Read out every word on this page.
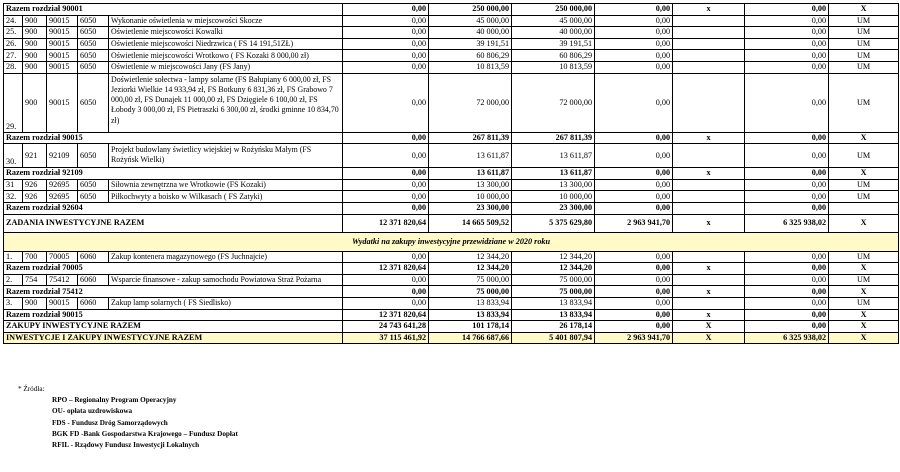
Razem rozdział 90001					0,00	250 000,00	250 000,00	0,00	x	0,00	X
24.	900	90015	6050	Wykonanie oświetlenia w miejscowości Skocze	0,00	45 000,00	45 000,00	0,00		0,00	UM
25.	900	90015	6050	Oświetlenie miejscowości Kowalki	0,00	40 000,00	40 000,00	0,00		0,00	UM
26.	900	90015	6050	Oświetlenie miejscowości Niedrzwica ( FS 14 191,51ZŁ)	0,00	39 191,51	39 191,51	0,00		0,00	UM
27.	900	90015	6050	Oświetlenie miejscowości Wrotkowo ( FS Kozaki 8 000,00 zł)	0,00	60 806,29	60 806,29	0,00		0,00	UM
28.	900	90015	6050	Oświetlenie w miejscowości Jany (FS Jany)	0,00	10 813,59	10 813,59	0,00		0,00	UM
29.	900	90015	6050	Doświetlenie sołectwa - lampy solarne (FS Bałupiany 6 000,00 zł, FS Jeziorki Wielkie 14 933,94 zł, FS Botkuny 6 831,36 zł, FS Grabowo 7 000,00 zł, FS Dunajek 11 000,00 zł, FS Dzięgiele 6 100,00 zł, FS Łobody 3 000,00 zł, FS Pietraszki 6 300,00 zł, środki gminne 10 834,70 zł)	0,00	72 000,00	72 000,00	0,00		0,00	UM
Razem rozdział 90015					0,00	267 811,39	267 811,39	0,00	x	0,00	X
30.	921	92109	6050	Projekt budowlany świetlicy wiejskiej w Rożyńsku Małym (FS Rożyńsk Wielki)	0,00	13 611,87	13 611,87	0,00		0,00	UM
Razem rozdział 92109					0,00	13 611,87	13 611,87	0,00	x	0,00	X
31	926	92695	6050	Siłownia zewnętrzna we Wrotkowie (FS Kozaki)	0,00	13 300,00	13 300,00	0,00		0,00	UM
32.	926	92695	6050	Piłkochwyty a boisko w Wilkasach ( FS Zatyki)	0,00	10 000,00	10 000,00	0,00		0,00	UM
Razem rozdział 92604					0,00	23 300,00	23 300,00	0,00		0,00	
ZADANIA INWESTYCYJNE RAZEM					12 371 820,64	14 665 509,52	5 375 629,80	2 963 941,70	x	6 325 938,02	X
Wydatki na zakupy inwestycyjne przewidziane w 2020 roku											
1.	700	70005	6060	Zakup kontenera magazynowego (FS Juchnajcie)	0,00	12 344,20	12 344,20	0,00		0,00	UM
Razem rozdział 70005					12 371 820,64	12 344,20	12 344,20	0,00	x	0,00	X
2.	754	75412	6060	Wsparcie finansowe - zakup samochodu Powiatowa Straż Pożarna	0,00	75 000,00	75 000,00	0,00		0,00	UM
Razem rozdział 75412					0,00	75 000,00	75 000,00	0,00	x	0,00	X
3.	900	90015	6060	Zakup lamp solarnych ( FS Siedlisko)	0,00	13 833,94	13 833,94	0,00		0,00	UM
Razem rozdział 90015					12 371 820,64	13 833,94	13 833,94	0,00	x	0,00	X
ZAKUPY INWESTYCYJNE RAZEM					24 743 641,28	101 178,14	26 178,14	0,00	X	0,00	X
INWESTYCJE I ZAKUPY INWESTYCYJNE RAZEM					37 115 461,92	14 766 687,66	5 401 807,94	2 963 941,70	X	6 325 938,02	X
* Źródła:
RPO – Regionalny Program Operacyjny
OU- opłata uzdrowiskowa
FDS - Fundusz Dróg Samorządowych
BGK FD -Bank Gospodarstwa Krajowego – Fundusz Dopłat
RFIL - Rządowy Fundusz Inwestycji Lokalnych
